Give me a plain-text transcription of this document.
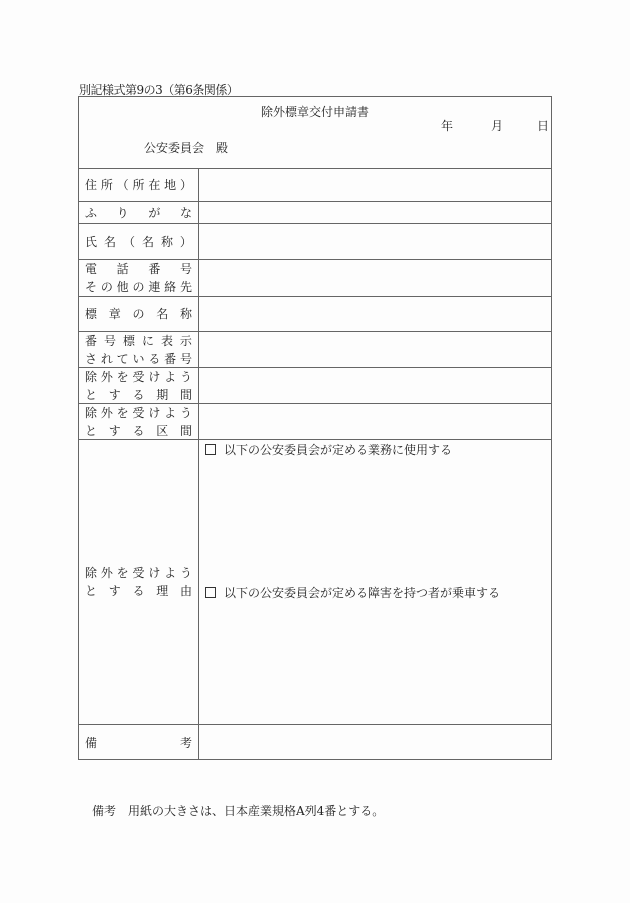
別記様式第9の3（第6条関係）
除外標章交付申請書
年	月	日
公安委員会　殿
住 所 （ 所 在 地 ）
ふ り が な
氏 名 （ 名 称 ）
電 話 番 号
そ の 他 の 連 絡 先
標 章 の 名 称
番 号 標 に 表 示
さ れ て い る 番 号
除 外 を 受 け よ う
と す る 期 間
除 外 を 受 け よ う
と す る 区 間
除 外 を 受 け よ う
と す る 理 由
以下の公安委員会が定める業務に使用する
以下の公安委員会が定める障害を持つ者が乗車する
備	考
備考　用紙の大きさは、日本産業規格A列4番とする。
